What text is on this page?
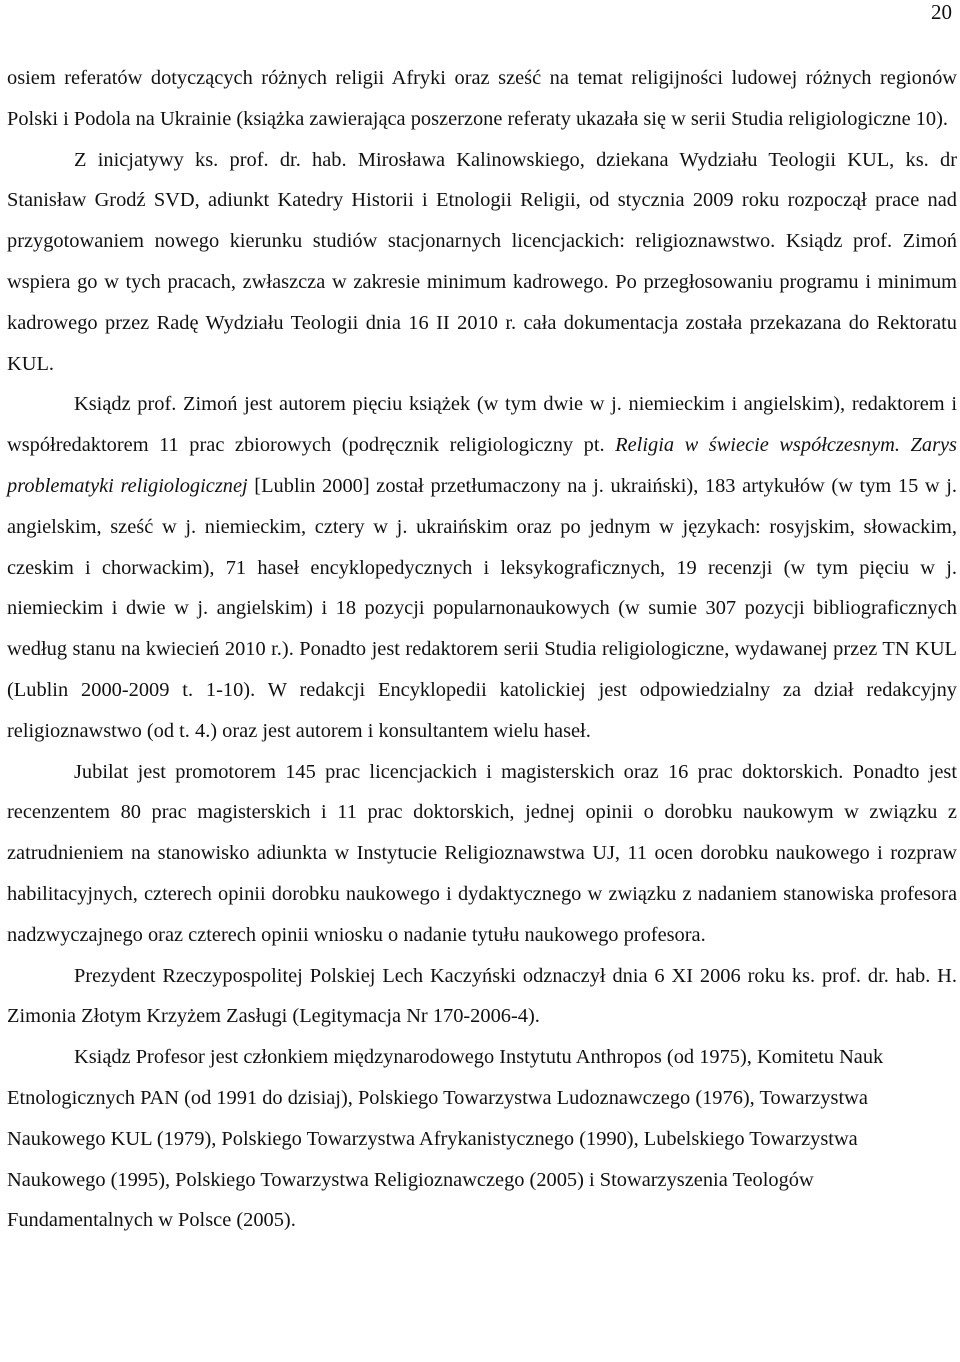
20

osiem referatów dotyczących różnych religii Afryki oraz sześć na temat religijności ludowej różnych regionów Polski i Podola na Ukrainie (książka zawierająca poszerzone referaty ukazała się w serii Studia religiologiczne 10).

Z inicjatywy ks. prof. dr. hab. Mirosława Kalinowskiego, dziekana Wydziału Teologii KUL, ks. dr Stanisław Grodź SVD, adiunkt Katedry Historii i Etnologii Religii, od stycznia 2009 roku rozpoczął prace nad przygotowaniem nowego kierunku studiów stacjonarnych licencjackich: religioznawstwo. Ksiądz prof. Zimoń wspiera go w tych pracach, zwłaszcza w zakresie minimum kadrowego. Po przegłosowaniu programu i minimum kadrowego przez Radę Wydziału Teologii dnia 16 II 2010 r. cała dokumentacja została przekazana do Rektoratu KUL.

Ksiądz prof. Zimoń jest autorem pięciu książek (w tym dwie w j. niemieckim i angielskim), redaktorem i współredaktorem 11 prac zbiorowych (podręcznik religiologiczny pt. Religia w świecie współczesnym. Zarys problematyki religiologicznej [Lublin 2000] został przetłumaczony na j. ukraiński), 183 artykułów (w tym 15 w j. angielskim, sześć w j. niemieckim, cztery w j. ukraińskim oraz po jednym w językach: rosyjskim, słowackim, czeskim i chorwackim), 71 haseł encyklopedycznych i leksykograficznych, 19 recenzji (w tym pięciu w j. niemieckim i dwie w j. angielskim) i 18 pozycji popularnonaukowych (w sumie 307 pozycji bibliograficznych według stanu na kwiecień 2010 r.). Ponadto jest redaktorem serii Studia religiologiczne, wydawanej przez TN KUL (Lublin 2000-2009 t. 1-10). W redakcji Encyklopedii katolickiej jest odpowiedzialny za dział redakcyjny religioznawstwo (od t. 4.) oraz jest autorem i konsultantem wielu haseł.

Jubilat jest promotorem 145 prac licencjackich i magisterskich oraz 16 prac doktorskich. Ponadto jest recenzentem 80 prac magisterskich i 11 prac doktorskich, jednej opinii o dorobku naukowym w związku z zatrudnieniem na stanowisko adiunkta w Instytucie Religioznawstwa UJ, 11 ocen dorobku naukowego i rozpraw habilitacyjnych, czterech opinii dorobku naukowego i dydaktycznego w związku z nadaniem stanowiska profesora nadzwyczajnego oraz czterech opinii wniosku o nadanie tytułu naukowego profesora.

Prezydent Rzeczypospolitej Polskiej Lech Kaczyński odznaczył dnia 6 XI 2006 roku ks. prof. dr. hab. H. Zimonia Złotym Krzyżem Zasługi (Legitymacja Nr 170-2006-4).

Ksiądz Profesor jest członkiem międzynarodowego Instytutu Anthropos (od 1975), Komitetu Nauk Etnologicznych PAN (od 1991 do dzisiaj), Polskiego Towarzystwa Ludoznawczego (1976), Towarzystwa Naukowego KUL (1979), Polskiego Towarzystwa Afrykanistycznego (1990), Lubelskiego Towarzystwa Naukowego (1995), Polskiego Towarzystwa Religioznawczego (2005) i Stowarzyszenia Teologów Fundamentalnych w Polsce (2005).
